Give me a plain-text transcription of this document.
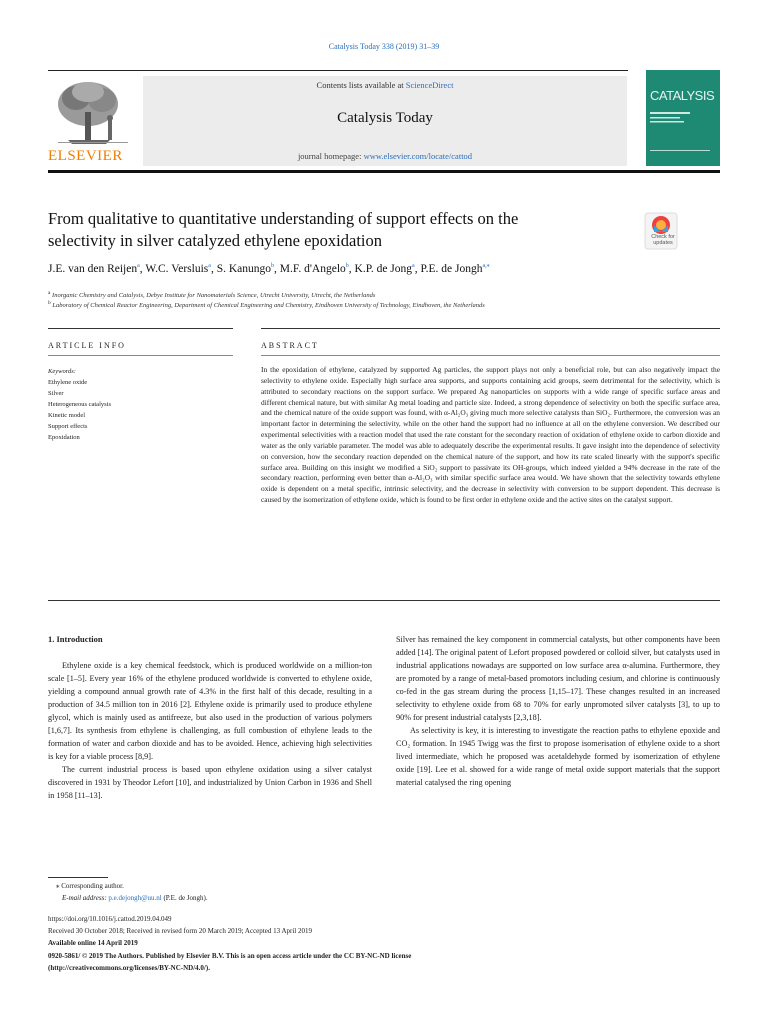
Catalysis Today 338 (2019) 31–39
ELSEVIER
Contents lists available at ScienceDirect
Catalysis Today
journal homepage: www.elsevier.com/locate/cattod
CATALYSIS
From qualitative to quantitative understanding of support effects on the
selectivity in silver catalyzed ethylene epoxidation	Check for updates
J.E. van den Reijen$^a$, W.C. Versluis$^a$, S. Kanungo$^b$, M.F. d'Angelo$^b$, K.P. de Jong$^a$, P.E. de Jongh$^{a,⁎}$
$^a$ Inorganic Chemistry and Catalysis, Debye Institute for Nanomaterials Science, Utrecht University, Utrecht, the Netherlands
$^b$ Laboratory of Chemical Reactor Engineering, Department of Chemical Engineering and Chemistry, Eindhoven University of Technology, Eindhoven, the Netherlands
ARTICLE INFO	ABSTRACT
Keywords:
Ethylene oxide
Silver
Heterogeneous catalysis
Kinetic model
Support effects
Epoxidation
In the epoxidation of ethylene, catalyzed by supported Ag particles, the support plays not only a beneficial role, but can also negatively impact the selectivity to ethylene oxide. Especially high surface area supports, and supports containing acid groups, seem detrimental for the selectivity, which is attributed to secondary reactions on the support surface. We prepared Ag nanoparticles on supports with a wide range of specific surface areas and different chemical nature, but with similar Ag metal loading and particle size. Indeed, a strong dependence of selectivity on both the specific surface area, and the chemical nature of the oxide support was found, with α-Al₂O₃ giving much more selective catalysts than SiO₂. Furthermore, the conversion was an important factor in determining the selectivity, while on the other hand the support had no influence at all on the ethylene conversion. We described our experimental selectivities with a reaction model that used the rate constant for the secondary reaction of oxidation of ethylene oxide to carbon dioxide and water as the only variable parameter. The model was able to adequately describe the experimental results. It gave insight into the dependence of selectivity on conversion, how the secondary reaction depended on the chemical nature of the support, and how its rate scaled linearly with the support's specific surface area. Building on this insight we modified a SiO₂ support to passivate its OH-groups, which indeed yielded a 94% decrease in the rate of the secondary reaction, performing even better than α-Al₂O₃ with similar specific surface area would. We have shown that the selectivity towards ethylene oxide is dependent on a metal specific, intrinsic selectivity, and the decrease in selectivity with conversion to be support dependent. This decrease is caused by the isomerization of ethylene oxide, which is found to be first order in ethylene oxide and the active sites on the catalyst support.
1. Introduction

Ethylene oxide is a key chemical feedstock, which is produced worldwide on a million-ton scale [1–5]. Every year 16% of the ethylene produced worldwide is converted to ethylene oxide, yielding a compound annual growth rate of 4.3% in the first half of this decade, resulting in a production of 34.5 million ton in 2016 [2]. Ethylene oxide is primarily used to produce ethylene glycol, which is mainly used as antifreeze, but also used in the production of various polymers [1,6,7]. Its synthesis from ethylene is challenging, as full combustion of ethylene leads to the formation of water and carbon dioxide and has to be avoided. Hence, achieving high selectivities is key for a viable process [8,9].

The current industrial process is based upon ethylene oxidation using a silver catalyst discovered in 1931 by Theodor Lefort [10], and industrialized by Union Carbon in 1936 and Shell in 1958 [11–13].

Silver has remained the key component in commercial catalysts, but other components have been added [14]. The original patent of Lefort proposed powdered or colloid silver, but catalysts used in industrial applications nowadays are supported on low surface area α-alumina. Furthermore, they are promoted by a range of metal-based promotors including cesium, and chlorine is continuously co-fed in the gas stream during the process [1,15–17]. These changes resulted in an increased selectivity to ethylene oxide from 68 to 70% for early unpromoted silver catalysts [3], to up to 90% for present industrial catalysts [2,3,18].

As selectivity is key, it is interesting to investigate the reaction paths to ethylene epoxide and CO₂ formation. In 1945 Twigg was the first to propose isomerisation of ethylene oxide to a short lived intermediate, which he proposed was acetaldehyde formed by isomerization of ethylene oxide [19]. Lee et al. showed for a wide range of metal oxide support materials that the support material catalysed the ring opening

⁎ Corresponding author.
E-mail address: p.e.dejongh@uu.nl (P.E. de Jongh).
https://doi.org/10.1016/j.cattod.2019.04.049
Received 30 October 2018; Received in revised form 20 March 2019; Accepted 13 April 2019
Available online 14 April 2019
0920-5861/ © 2019 The Authors. Published by Elsevier B.V. This is an open access article under the CC BY-NC-ND license
(http://creativecommons.org/licenses/BY-NC-ND/4.0/).
